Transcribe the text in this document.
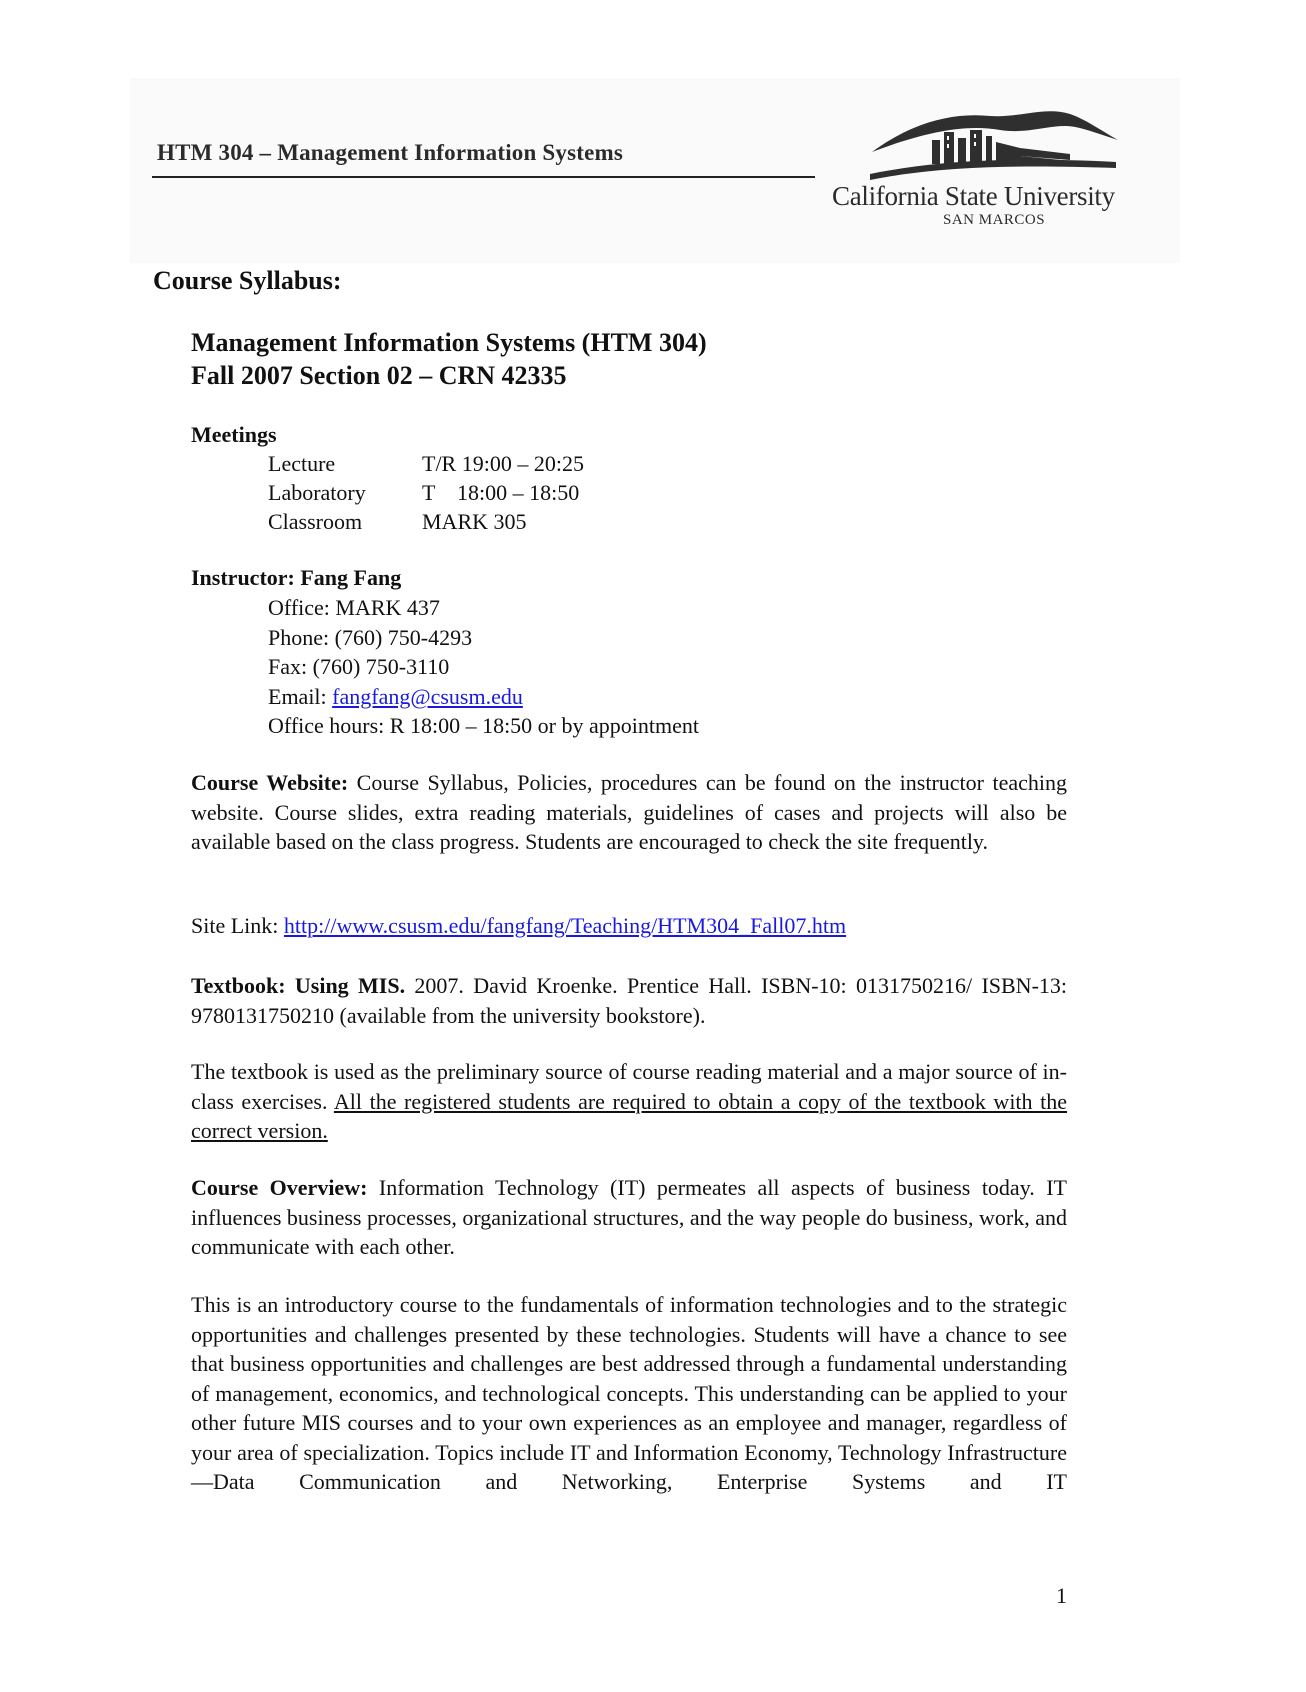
HTM 304 – Management Information Systems
California State University
SAN MARCOS
Course Syllabus:
Management Information Systems (HTM 304)
Fall 2007 Section 02 – CRN 42335
Meetings
Lecture	T/R 19:00 – 20:25
Laboratory	T    18:00 – 18:50
Classroom	MARK 305
Instructor: Fang Fang
Office: MARK 437
Phone: (760) 750-4293
Fax: (760) 750-3110
Email: fangfang@csusm.edu
Office hours: R 18:00 – 18:50 or by appointment
Course Website: Course Syllabus, Policies, procedures can be found on the instructor teaching website. Course slides, extra reading materials, guidelines of cases and projects will also be available based on the class progress. Students are encouraged to check the site frequently.
Site Link: http://www.csusm.edu/fangfang/Teaching/HTM304_Fall07.htm
Textbook: Using MIS. 2007. David Kroenke. Prentice Hall. ISBN-10: 0131750216/ ISBN-13: 9780131750210 (available from the university bookstore).
The textbook is used as the preliminary source of course reading material and a major source of in-class exercises. All the registered students are required to obtain a copy of the textbook with the correct version.
Course Overview: Information Technology (IT) permeates all aspects of business today. IT influences business processes, organizational structures, and the way people do business, work, and communicate with each other.
This is an introductory course to the fundamentals of information technologies and to the strategic opportunities and challenges presented by these technologies. Students will have a chance to see that business opportunities and challenges are best addressed through a fundamental understanding of management, economics, and technological concepts. This understanding can be applied to your other future MIS courses and to your own experiences as an employee and manager, regardless of your area of specialization. Topics include IT and Information Economy, Technology Infrastructure—Data Communication and Networking, Enterprise Systems and IT
1
